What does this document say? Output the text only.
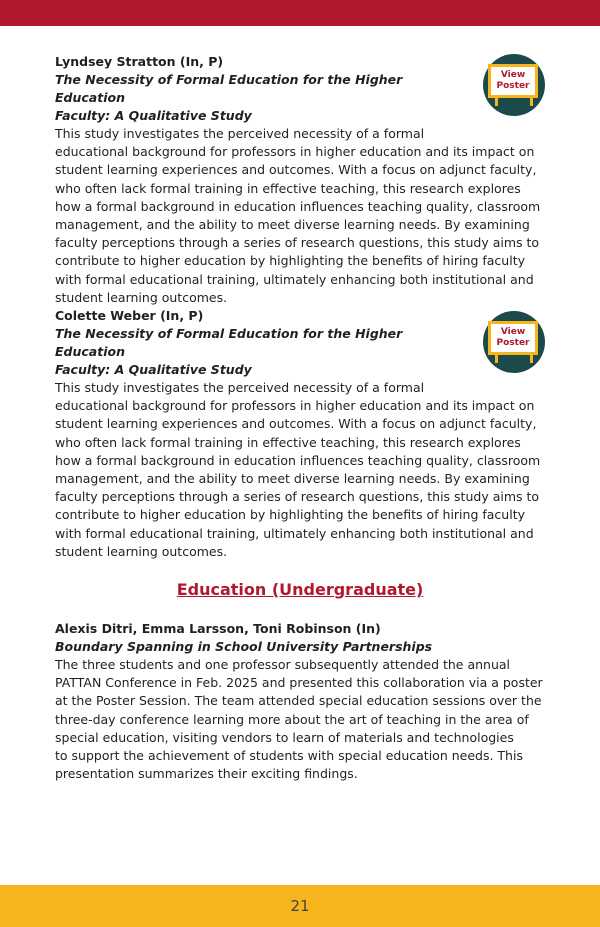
Lyndsey Stratton (In, P)
The Necessity of Formal Education for the Higher Education
Faculty: A Qualitative Study

This study investigates the perceived necessity of a formal
educational background for professors in higher education and its impact on
student learning experiences and outcomes. With a focus on adjunct faculty,
who often lack formal training in effective teaching, this research explores
how a formal background in education influences teaching quality, classroom
management, and the ability to meet diverse learning needs. By examining
faculty perceptions through a series of research questions, this study aims to
contribute to higher education by highlighting the benefits of hiring faculty
with formal educational training, ultimately enhancing both institutional and
student learning outcomes.

View
Poster
Colette Weber (In, P)
The Necessity of Formal Education for the Higher Education
Faculty: A Qualitative Study

This study investigates the perceived necessity of a formal
educational background for professors in higher education and its impact on
student learning experiences and outcomes. With a focus on adjunct faculty,
who often lack formal training in effective teaching, this research explores
how a formal background in education influences teaching quality, classroom
management, and the ability to meet diverse learning needs. By examining
faculty perceptions through a series of research questions, this study aims to
contribute to higher education by highlighting the benefits of hiring faculty
with formal educational training, ultimately enhancing both institutional and
student learning outcomes.

View
Poster
Education (Undergraduate)
Alexis Ditri, Emma Larsson, Toni Robinson (In)
Boundary Spanning in School University Partnerships

The three students and one professor subsequently attended the annual
PATTAN Conference in Feb. 2025 and presented this collaboration via a poster
at the Poster Session. The team attended special education sessions over the
three-day conference learning more about the art of teaching in the area of
special education, visiting vendors to learn of materials and technologies
to support the achievement of students with special education needs. This
presentation summarizes their exciting findings.

21
